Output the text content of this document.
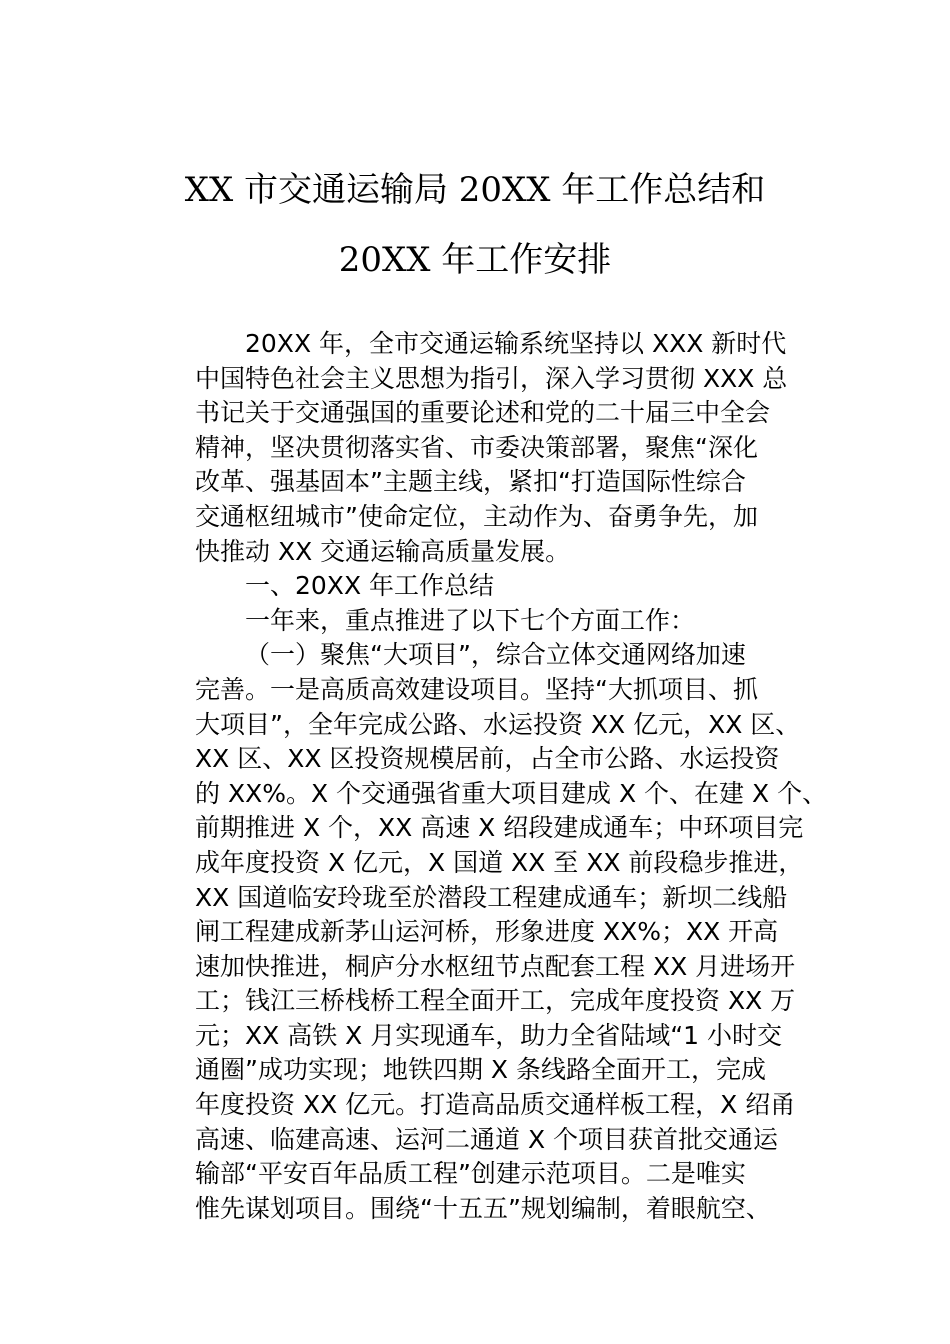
XX 市交通运输局 20XX 年工作总结和
20XX 年工作安排
20XX 年，全市交通运输系统坚持以 XXX 新时代
中国特色社会主义思想为指引，深入学习贯彻 XXX 总
书记关于交通强国的重要论述和党的二十届三中全会
精神，坚决贯彻落实省、市委决策部署，聚焦“深化
改革、强基固本”主题主线，紧扣“打造国际性综合
交通枢纽城市”使命定位，主动作为、奋勇争先，加
快推动 XX 交通运输高质量发展。
一、20XX 年工作总结
一年来，重点推进了以下七个方面工作：
（一）聚焦“大项目”，综合立体交通网络加速
完善。一是高质高效建设项目。坚持“大抓项目、抓
大项目”，全年完成公路、水运投资 XX 亿元，XX 区、
XX 区、XX 区投资规模居前，占全市公路、水运投资
的 XX%。X 个交通强省重大项目建成 X 个、在建 X 个、
前期推进 X 个，XX 高速 X 绍段建成通车；中环项目完
成年度投资 X 亿元，X 国道 XX 至 XX 前段稳步推进，
XX 国道临安玲珑至於潜段工程建成通车；新坝二线船
闸工程建成新茅山运河桥，形象进度 XX%；XX 开高
速加快推进，桐庐分水枢纽节点配套工程 XX 月进场开
工；钱江三桥栈桥工程全面开工，完成年度投资 XX 万
元；XX 高铁 X 月实现通车，助力全省陆域“1 小时交
通圈”成功实现；地铁四期 X 条线路全面开工，完成
年度投资 XX 亿元。打造高品质交通样板工程，X 绍甬
高速、临建高速、运河二通道 X 个项目获首批交通运
输部“平安百年品质工程”创建示范项目。二是唯实
惟先谋划项目。围绕“十五五”规划编制，着眼航空、
